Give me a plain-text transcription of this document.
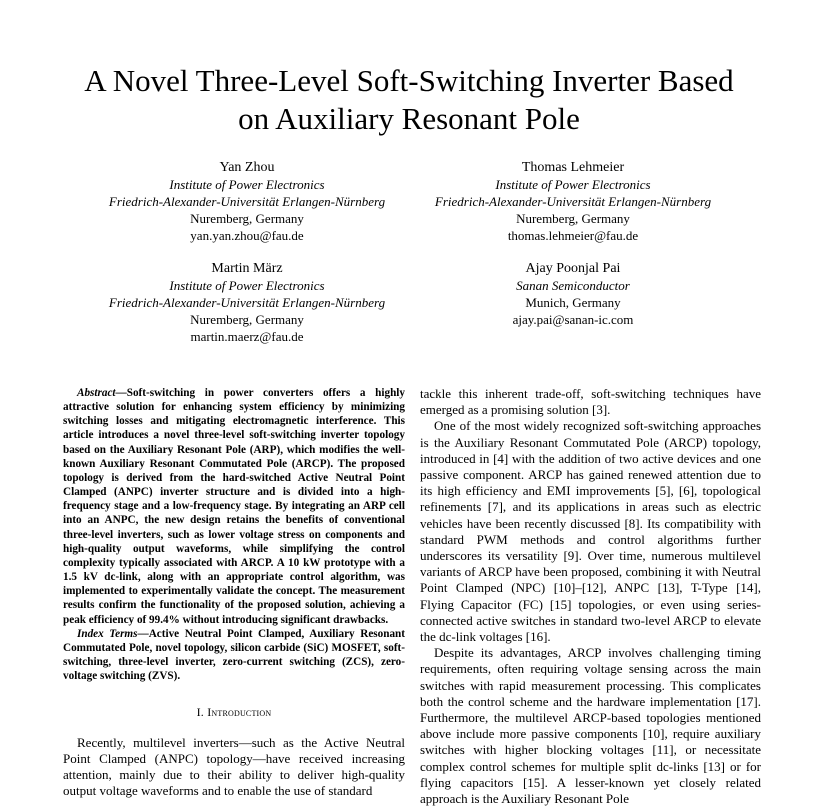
A Novel Three-Level Soft-Switching Inverter Based
on Auxiliary Resonant Pole
Yan Zhou
Institute of Power Electronics
Friedrich-Alexander-Universität Erlangen-Nürnberg
Nuremberg, Germany
yan.yan.zhou@fau.de
Thomas Lehmeier
Institute of Power Electronics
Friedrich-Alexander-Universität Erlangen-Nürnberg
Nuremberg, Germany
thomas.lehmeier@fau.de
Martin März
Institute of Power Electronics
Friedrich-Alexander-Universität Erlangen-Nürnberg
Nuremberg, Germany
martin.maerz@fau.de
Ajay Poonjal Pai
Sanan Semiconductor
Munich, Germany
ajay.pai@sanan-ic.com

Abstract—Soft-switching in power converters offers a highly attractive solution for enhancing system efficiency by minimizing switching losses and mitigating electromagnetic interference. This article introduces a novel three-level soft-switching inverter topology based on the Auxiliary Resonant Pole (ARP), which modifies the well-known Auxiliary Resonant Commutated Pole (ARCP). The proposed topology is derived from the hard-switched Active Neutral Point Clamped (ANPC) inverter structure and is divided into a high-frequency stage and a low-frequency stage. By integrating an ARP cell into an ANPC, the new design retains the benefits of conventional three-level inverters, such as lower voltage stress on components and high-quality output waveforms, while simplifying the control complexity typically associated with ARCP. A 10 kW prototype with a 1.5 kV dc-link, along with an appropriate control algorithm, was implemented to experimentally validate the concept. The measurement results confirm the functionality of the proposed solution, achieving a peak efficiency of 99.4% without introducing significant drawbacks.

Index Terms—Active Neutral Point Clamped, Auxiliary Resonant Commutated Pole, novel topology, silicon carbide (SiC) MOSFET, soft-switching, three-level inverter, zero-current switching (ZCS), zero-voltage switching (ZVS).

I. Introduction

Recently, multilevel inverters—such as the Active Neutral Point Clamped (ANPC) topology—have received increasing attention, mainly due to their ability to deliver high-quality output voltage waveforms and to enable the use of standard

tackle this inherent trade-off, soft-switching techniques have emerged as a promising solution [3].

One of the most widely recognized soft-switching approaches is the Auxiliary Resonant Commutated Pole (ARCP) topology, introduced in [4] with the addition of two active devices and one passive component. ARCP has gained renewed attention due to its high efficiency and EMI improvements [5], [6], topological refinements [7], and its applications in areas such as electric vehicles have been recently discussed [8]. Its compatibility with standard PWM methods and control algorithms further underscores its versatility [9]. Over time, numerous multilevel variants of ARCP have been proposed, combining it with Neutral Point Clamped (NPC) [10]–[12], ANPC [13], T-Type [14], Flying Capacitor (FC) [15] topologies, or even using series-connected active switches in standard two-level ARCP to elevate the dc-link voltages [16].

Despite its advantages, ARCP involves challenging timing requirements, often requiring voltage sensing across the main switches with rapid measurement processing. This complicates both the control scheme and the hardware implementation [17]. Furthermore, the multilevel ARCP-based topologies mentioned above include more passive components [10], require auxiliary switches with higher blocking voltages [11], or necessitate complex control schemes for multiple split dc-links [13] or for flying capacitors [15]. A lesser-known yet closely related approach is the Auxiliary Resonant Pole
